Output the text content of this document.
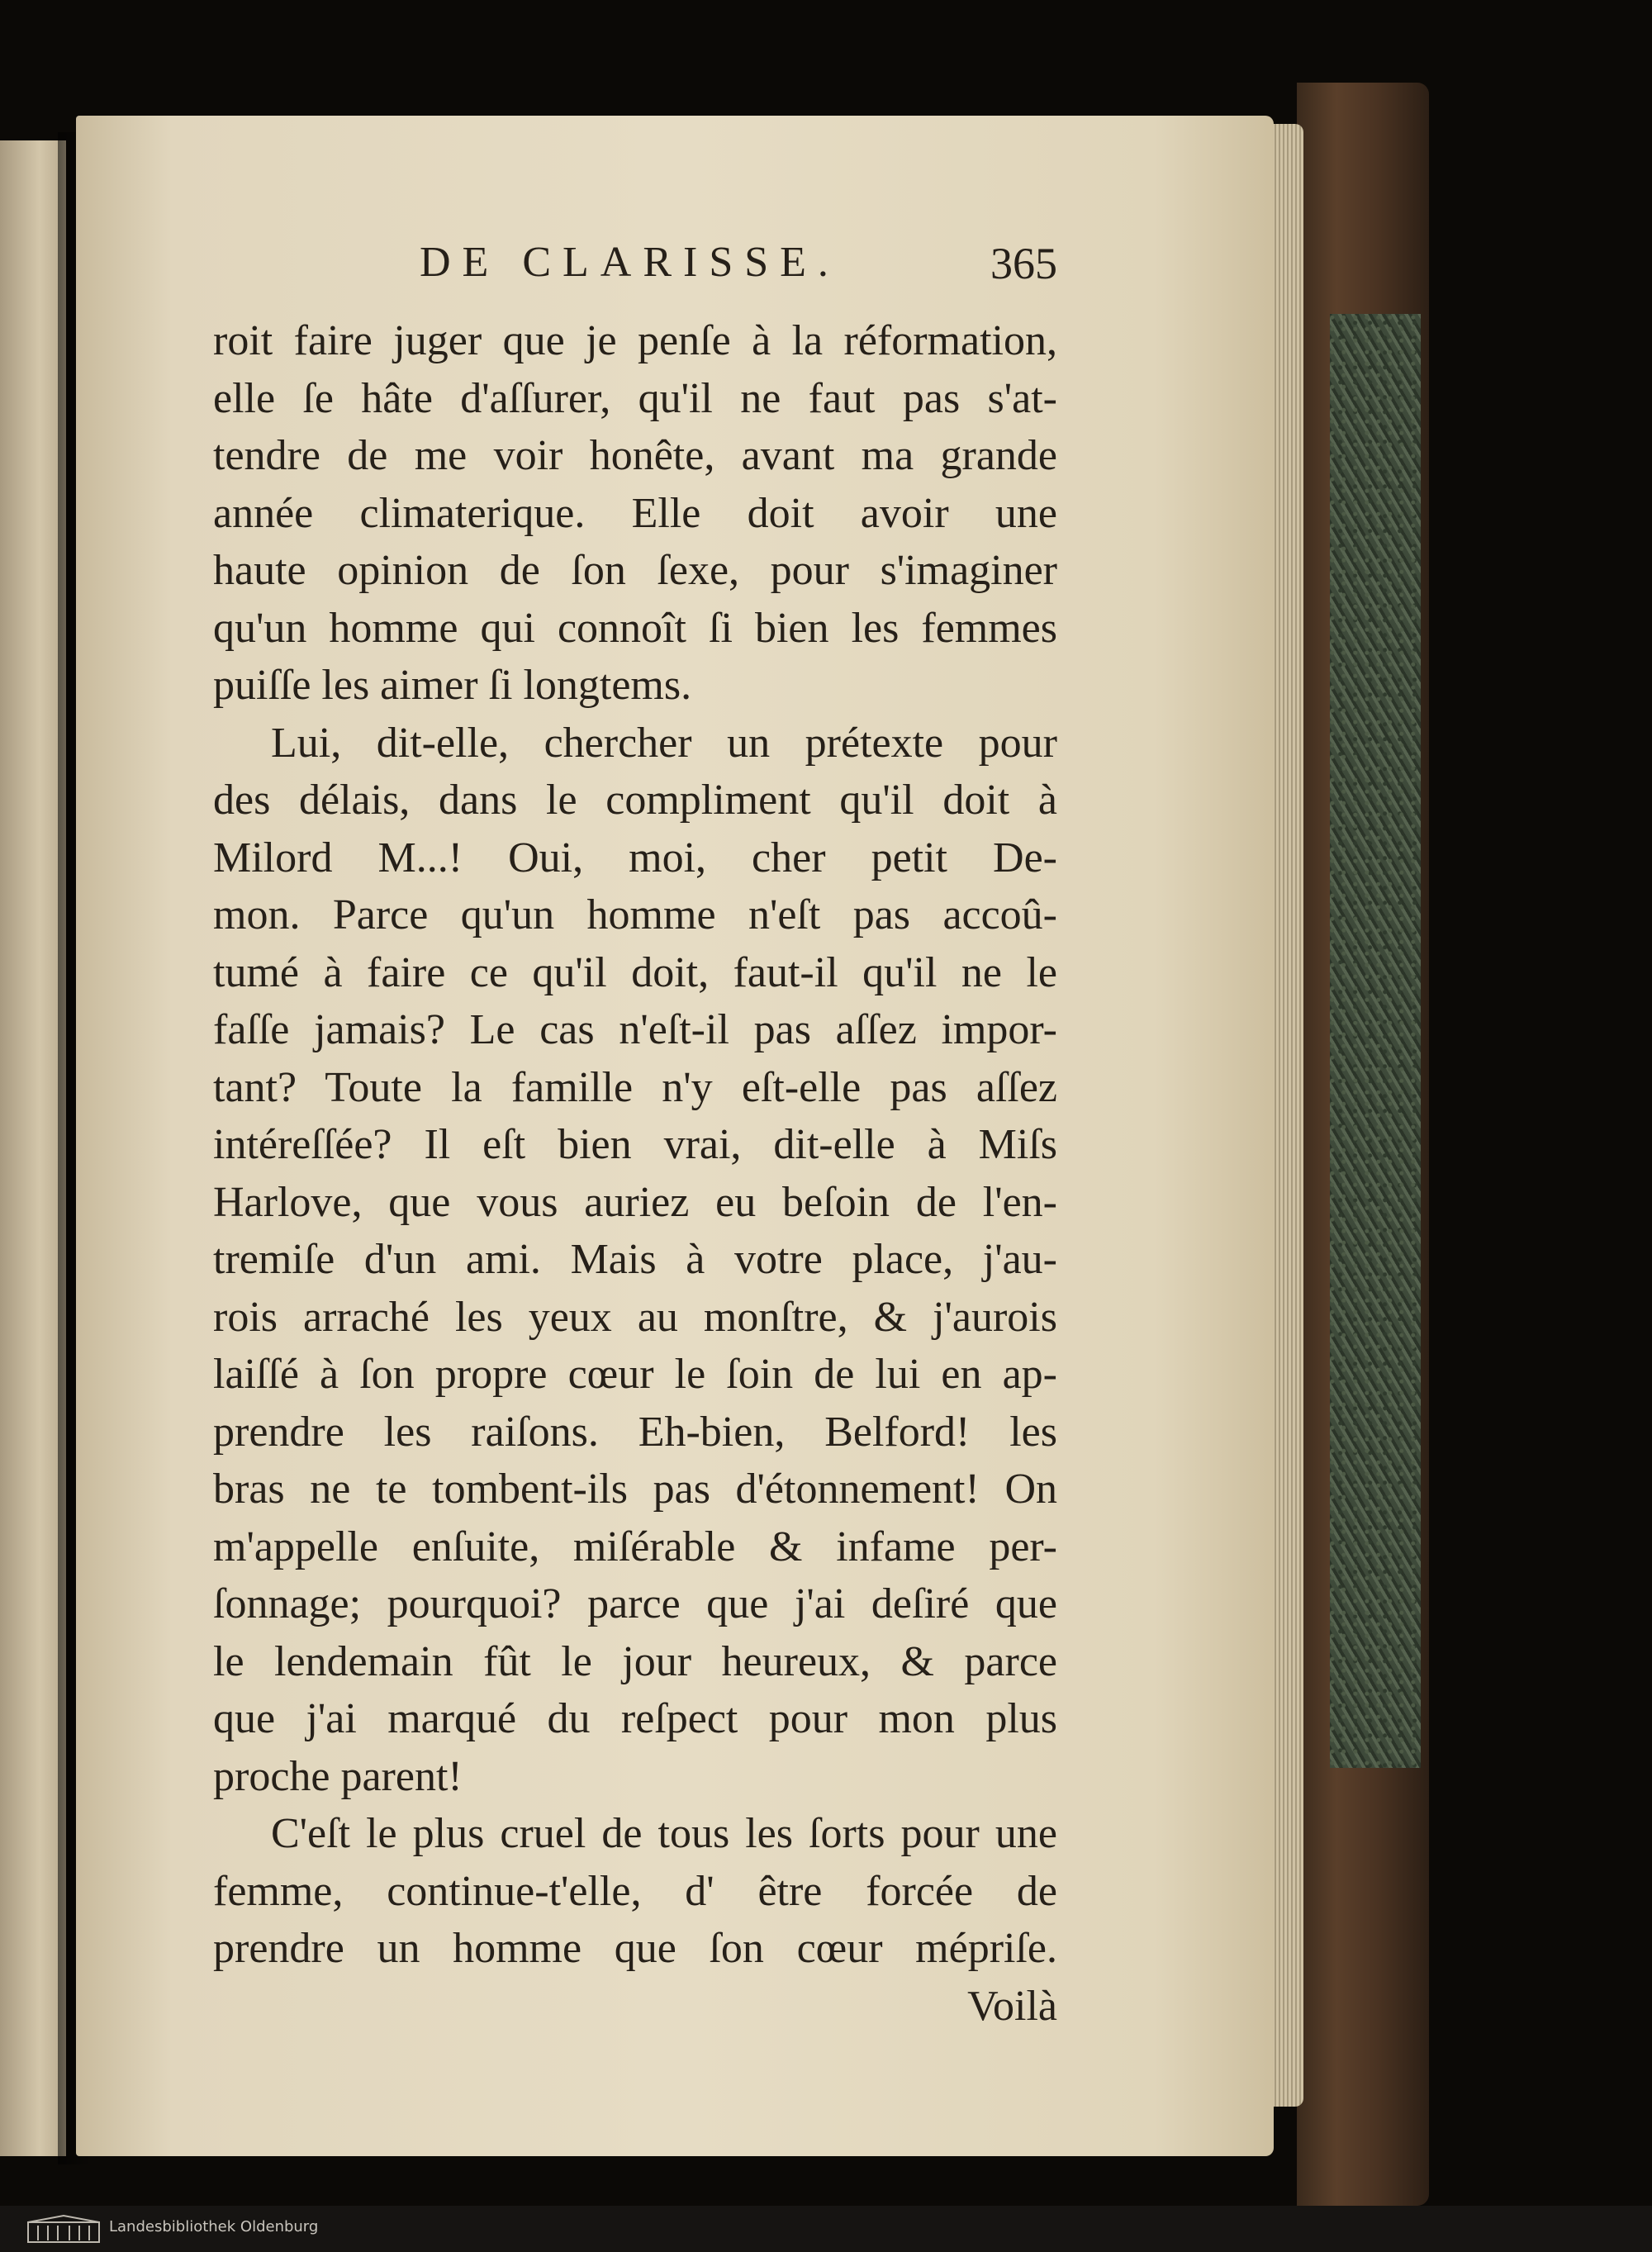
DE CLARISSE.	365
roit faire juger que je penſe à la réformation,
elle ſe hâte d'aſſurer, qu'il ne faut pas s'at-
tendre de me voir honête, avant ma grande
année climaterique. Elle doit avoir une
haute opinion de ſon ſexe, pour s'imaginer
qu'un homme qui connoît ſi bien les femmes
puiſſe les aimer ſi longtems.
Lui, dit-elle, chercher un prétexte pour
des délais, dans le compliment qu'il doit à
Milord M...! Oui, moi, cher petit De-
mon. Parce qu'un homme n'eſt pas accoû-
tumé à faire ce qu'il doit, faut-il qu'il ne le
faſſe jamais? Le cas n'eſt-il pas aſſez impor-
tant? Toute la famille n'y eſt-elle pas aſſez
intéreſſée? Il eſt bien vrai, dit-elle à Miſs
Harlove, que vous auriez eu beſoin de l'en-
tremiſe d'un ami. Mais à votre place, j'au-
rois arraché les yeux au monſtre, & j'aurois
laiſſé à ſon propre cœur le ſoin de lui en ap-
prendre les raiſons. Eh-bien, Belford! les
bras ne te tombent-ils pas d'étonnement! On
m'appelle enſuite, miſérable & infame per-
ſonnage; pourquoi? parce que j'ai deſiré que
le lendemain fût le jour heureux, & parce
que j'ai marqué du reſpect pour mon plus
proche parent!
C'eſt le plus cruel de tous les ſorts pour une
femme, continue-t'elle, d' être forcée de
prendre un homme que ſon cœur mépriſe.
Voilà
Landesbibliothek Oldenburg
